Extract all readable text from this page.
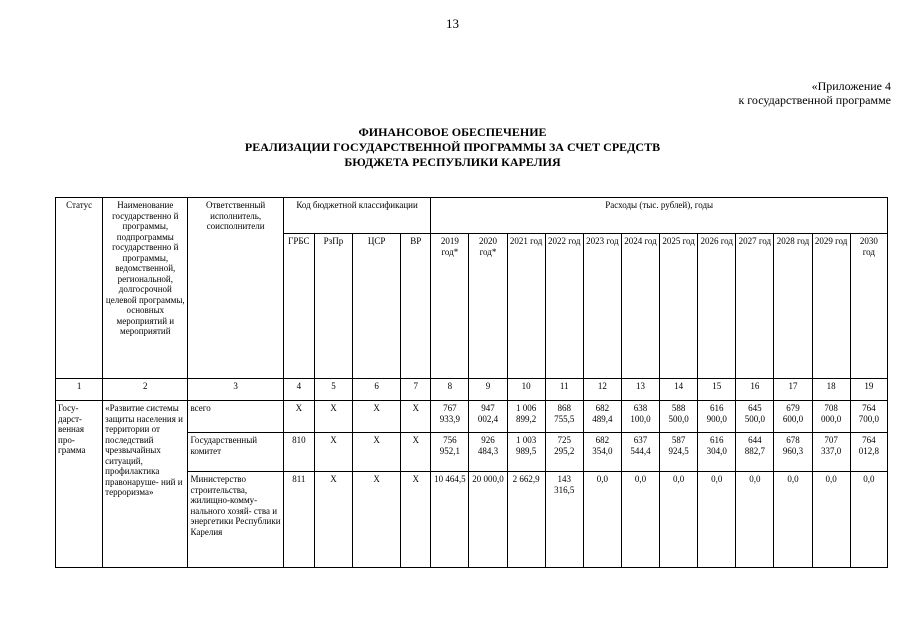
13
«Приложение 4
к государственной программе
ФИНАНСОВОЕ ОБЕСПЕЧЕНИЕ
РЕАЛИЗАЦИИ ГОСУДАРСТВЕННОЙ ПРОГРАММЫ ЗА СЧЕТ СРЕДСТВ
БЮДЖЕТА РЕСПУБЛИКИ КАРЕЛИЯ
Статус	Наименование государственно й программы, подпрограммы государственно й программы, ведомственной, региональной, долгосрочной целевой программы, основных мероприятий и мероприятий	Ответственный исполнитель, соисполнители	Код бюджетной классификации				Расходы (тыс. рублей), годы											
			ГРБС	РзПр	ЦСР	ВР	2019 год*	2020 год*	2021 год	2022 год	2023 год	2024 год	2025 год	2026 год	2027 год	2028 год	2029 год	2030 год
1	2	3	4	5	6	7	8	9	10	11	12	13	14	15	16	17	18	19
Госу- дарст- венная про- грамма	«Развитие системы защиты населения и территории от последствий чрезвычайных ситуаций, профилактика правонаруше- ний и терроризма»	всего	Х	Х	Х	Х	767 933,9	947 002,4	1 006 899,2	868 755,5	682 489,4	638 100,0	588 500,0	616 900,0	645 500,0	679 600,0	708 000,0	764 700,0
		Государственный комитет	810	Х	Х	Х	756 952,1	926 484,3	1 003 989,5	725 295,2	682 354,0	637 544,4	587 924,5	616 304,0	644 882,7	678 960,3	707 337,0	764 012,8
		Министерство строительства, жилищно-комму- нального хозяй- ства и энергетики Республики Карелия	811	Х	Х	Х	10 464,5	20 000,0	2 662,9	143 316,5	0,0	0,0	0,0	0,0	0,0	0,0	0,0	0,0
